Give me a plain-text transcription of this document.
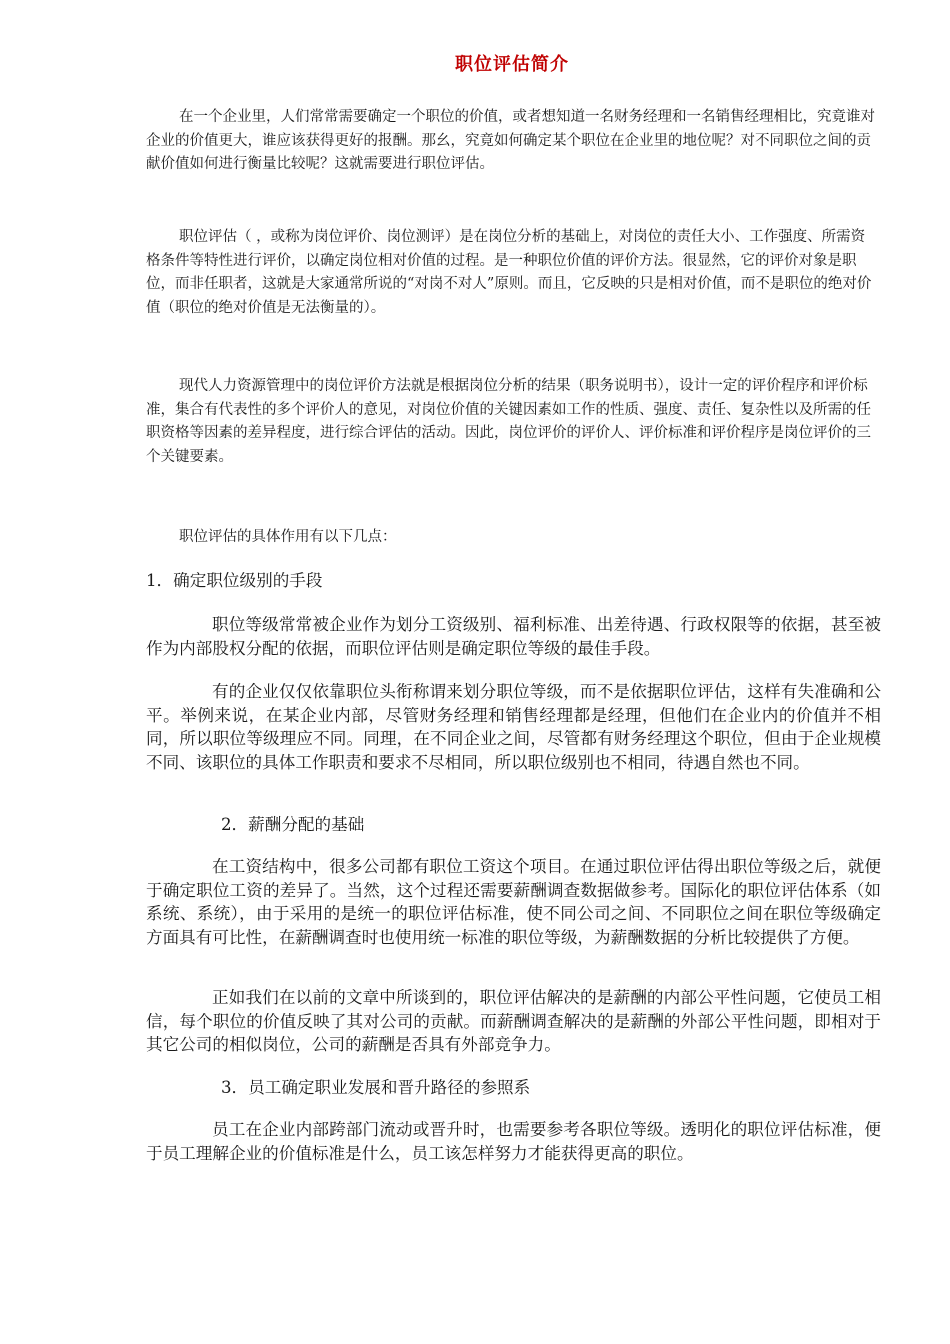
职位评估简介

在一个企业里，人们常常需要确定一个职位的价值，或者想知道一名财务经理和一名销售经理相比，究竟谁对企业的价值更大，谁应该获得更好的报酬。那幺，究竟如何确定某个职位在企业里的地位呢？对不同职位之间的贡献价值如何进行衡量比较呢？这就需要进行职位评估。

职位评估（ ，或称为岗位评价、岗位测评）是在岗位分析的基础上，对岗位的责任大小、工作强度、所需资格条件等特性进行评价，以确定岗位相对价值的过程。是一种职位价值的评价方法。很显然，它的评价对象是职位，而非任职者，这就是大家通常所说的“对岗不对人”原则。而且，它反映的只是相对价值，而不是职位的绝对价值（职位的绝对价值是无法衡量的）。

现代人力资源管理中的岗位评价方法就是根据岗位分析的结果（职务说明书），设计一定的评价程序和评价标准，集合有代表性的多个评价人的意见，对岗位价值的关键因素如工作的性质、强度、责任、复杂性以及所需的任职资格等因素的差异程度，进行综合评估的活动。因此，岗位评价的评价人、评价标准和评价程序是岗位评价的三个关键要素。

职位评估的具体作用有以下几点：

1．确定职位级别的手段

职位等级常常被企业作为划分工资级别、福利标准、出差待遇、行政权限等的依据，甚至被作为内部股权分配的依据，而职位评估则是确定职位等级的最佳手段。

有的企业仅仅依靠职位头衔称谓来划分职位等级，而不是依据职位评估，这样有失准确和公平。举例来说，在某企业内部，尽管财务经理和销售经理都是经理，但他们在企业内的价值并不相同，所以职位等级理应不同。同理，在不同企业之间，尽管都有财务经理这个职位，但由于企业规模不同、该职位的具体工作职责和要求不尽相同，所以职位级别也不相同，待遇自然也不同。

2．薪酬分配的基础

在工资结构中，很多公司都有职位工资这个项目。在通过职位评估得出职位等级之后，就便于确定职位工资的差异了。当然，这个过程还需要薪酬调查数据做参考。国际化的职位评估体系（如系统、系统），由于采用的是统一的职位评估标准，使不同公司之间、不同职位之间在职位等级确定方面具有可比性，在薪酬调查时也使用统一标准的职位等级，为薪酬数据的分析比较提供了方便。

正如我们在以前的文章中所谈到的，职位评估解决的是薪酬的内部公平性问题，它使员工相信，每个职位的价值反映了其对公司的贡献。而薪酬调查解决的是薪酬的外部公平性问题，即相对于其它公司的相似岗位，公司的薪酬是否具有外部竞争力。

3．员工确定职业发展和晋升路径的参照系

员工在企业内部跨部门流动或晋升时，也需要参考各职位等级。透明化的职位评估标准，便于员工理解企业的价值标准是什么，员工该怎样努力才能获得更高的职位。
